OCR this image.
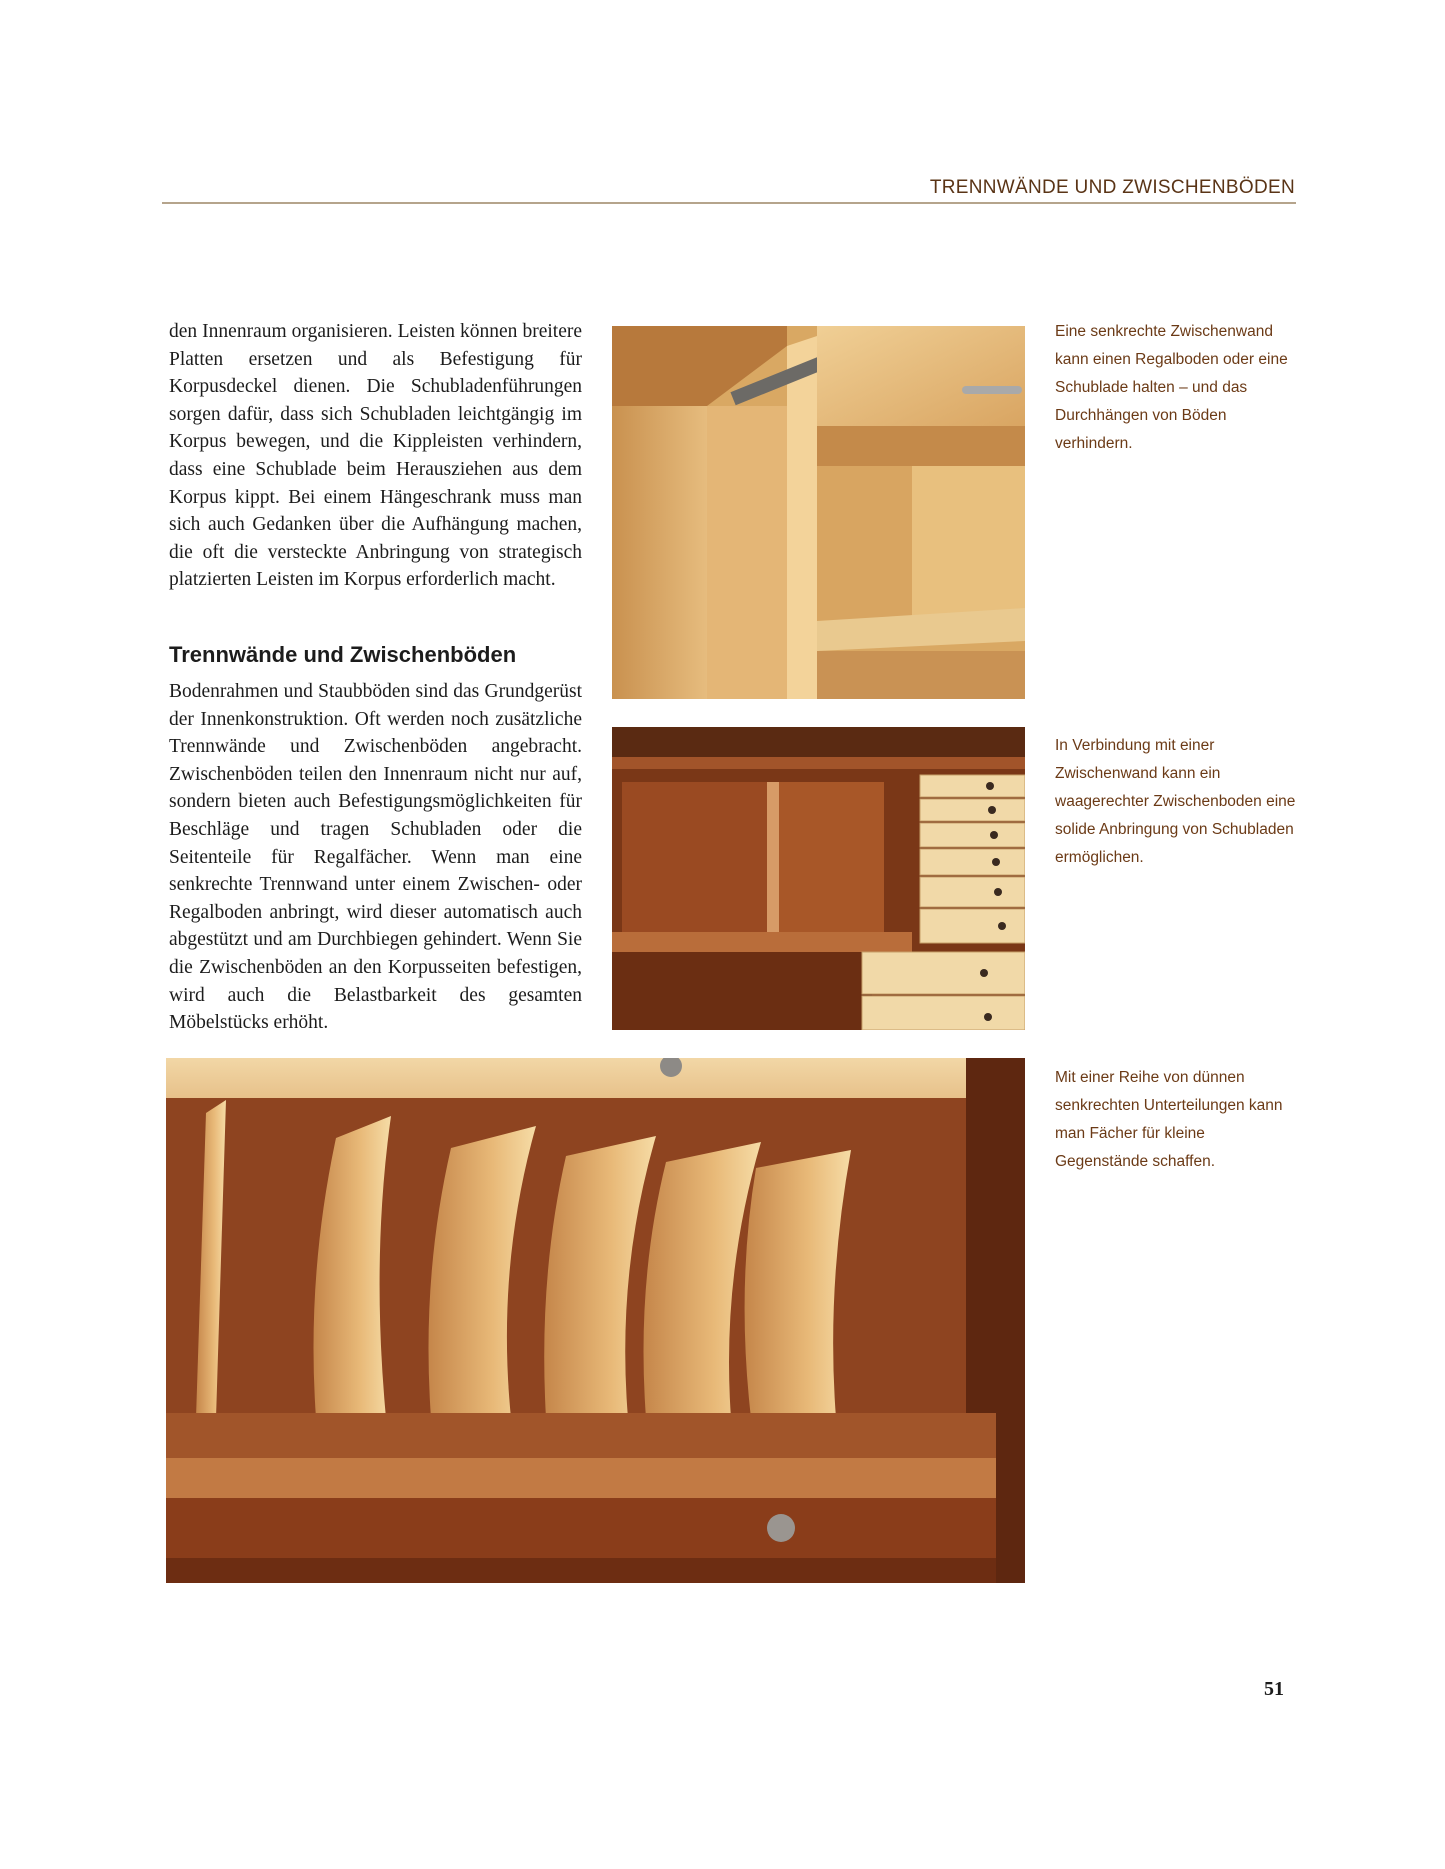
TRENNWÄNDE UND ZWISCHENBÖDEN

den Innenraum organisieren. Leisten können breitere Platten ersetzen und als Befestigung für Korpusdeckel dienen. Die Schubladenführungen sorgen dafür, dass sich Schubladen leichtgängig im Korpus bewegen, und die Kippleisten verhindern, dass eine Schublade beim Herausziehen aus dem Korpus kippt. Bei einem Hängeschrank muss man sich auch Gedanken über die Aufhängung machen, die oft die versteckte Anbringung von strategisch platzierten Leisten im Korpus erforderlich macht.

Trennwände und Zwischenböden

Bodenrahmen und Staubböden sind das Grundgerüst der Innenkonstruktion. Oft werden noch zusätzliche Trennwände und Zwischenböden angebracht. Zwischenböden teilen den Innenraum nicht nur auf, sondern bieten auch Befestigungsmöglichkeiten für Beschläge und tragen Schubladen oder die Seitenteile für Regalfächer. Wenn man eine senkrechte Trennwand unter einem Zwischen- oder Regalboden anbringt, wird dieser automatisch auch abgestützt und am Durchbiegen gehindert. Wenn Sie die Zwischenböden an den Korpusseiten befestigen, wird auch die Belastbarkeit des gesamten Möbelstücks erhöht.

Eine senkrechte Zwischenwand kann einen Regalboden oder eine Schublade halten – und das Durchhängen von Böden verhindern.

In Verbindung mit einer Zwischenwand kann ein waagerechter Zwischenboden eine solide Anbringung von Schubladen ermöglichen.

Mit einer Reihe von dünnen senkrechten Unterteilungen kann man Fächer für kleine Gegenstände schaffen.

51
